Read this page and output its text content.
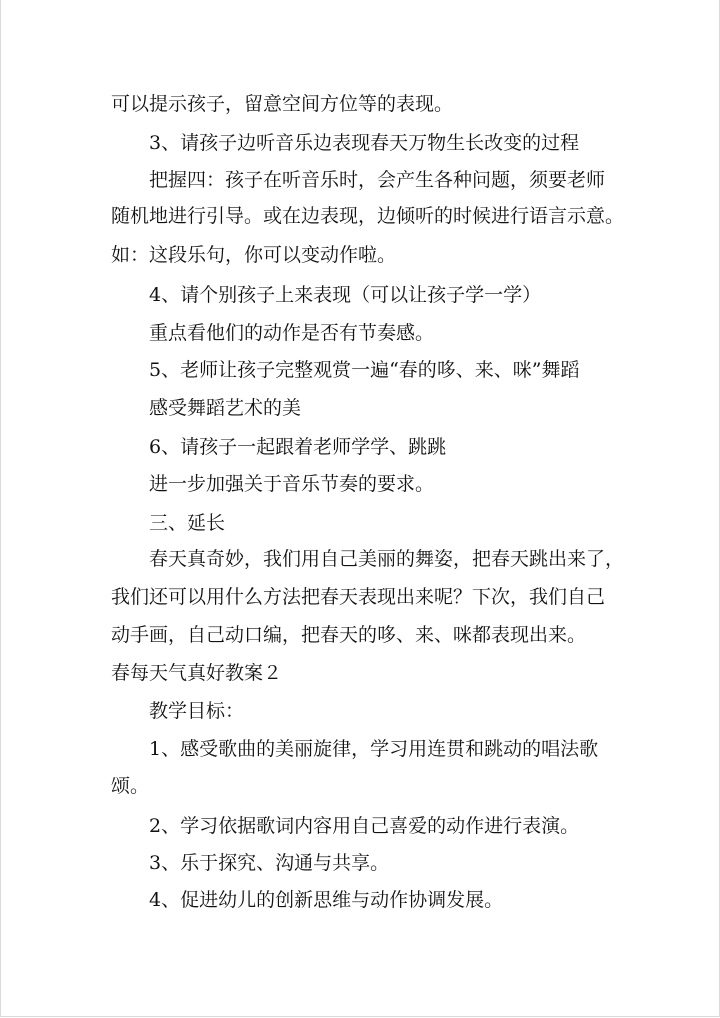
可以提示孩子，留意空间方位等的表现。
3、请孩子边听音乐边表现春天万物生长改变的过程
把握四：孩子在听音乐时，会产生各种问题，须要老师
随机地进行引导。或在边表现，边倾听的时候进行语言示意。
如：这段乐句，你可以变动作啦。
4、请个别孩子上来表现（可以让孩子学一学）
重点看他们的动作是否有节奏感。
5、老师让孩子完整观赏一遍“春的哆、来、咪”舞蹈
感受舞蹈艺术的美
6、请孩子一起跟着老师学学、跳跳
进一步加强关于音乐节奏的要求。
三、延长
春天真奇妙，我们用自己美丽的舞姿，把春天跳出来了，
我们还可以用什么方法把春天表现出来呢？下次，我们自己
动手画，自己动口编，把春天的哆、来、咪都表现出来。
春每天气真好教案２
教学目标：
1、感受歌曲的美丽旋律，学习用连贯和跳动的唱法歌
颂。
2、学习依据歌词内容用自己喜爱的动作进行表演。
3、乐于探究、沟通与共享。
4、促进幼儿的创新思维与动作协调发展。
